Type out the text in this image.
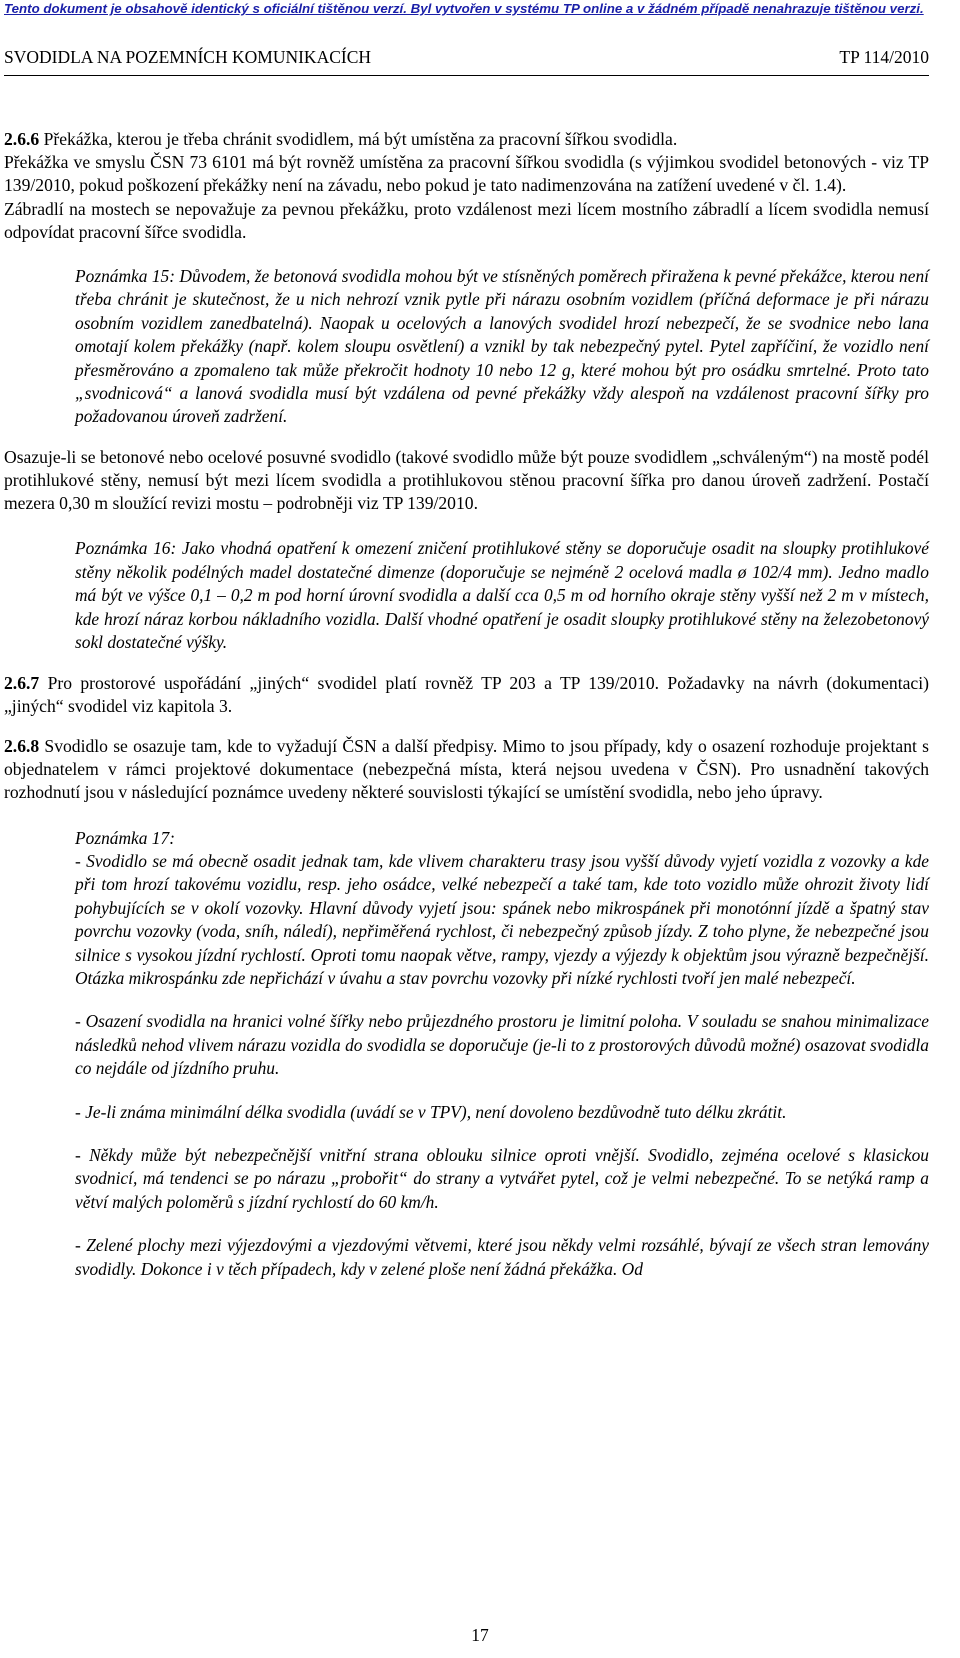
Tento dokument je obsahově identický s oficiální tištěnou verzí. Byl vytvořen v systému TP online a v žádném případě nenahrazuje tištěnou verzi.
SVODIDLA NA POZEMNÍCH KOMUNIKACÍCH	TP 114/2010

2.6.6 Překážka, kterou je třeba chránit svodidlem, má být umístěna za pracovní šířkou svodidla.

Překážka ve smyslu ČSN 73 6101 má být rovněž umístěna za pracovní šířkou svodidla (s výjimkou svodidel betonových - viz TP 139/2010, pokud poškození překážky není na závadu, nebo pokud je tato nadimenzována na zatížení uvedené v čl. 1.4).

Zábradlí na mostech se nepovažuje za pevnou překážku, proto vzdálenost mezi lícem mostního zábradlí a lícem svodidla nemusí odpovídat pracovní šířce svodidla.

Poznámka 15: Důvodem, že betonová svodidla mohou být ve stísněných poměrech přiražena k pevné překážce, kterou není třeba chránit je skutečnost, že u nich nehrozí vznik pytle při nárazu osobním vozidlem (příčná deformace je při nárazu osobním vozidlem zanedbatelná). Naopak u ocelových a lanových svodidel hrozí nebezpečí, že se svodnice nebo lana omotají kolem překážky (např. kolem sloupu osvětlení) a vznikl by tak nebezpečný pytel. Pytel zapříčiní, že vozidlo není přesměrováno a zpomaleno tak může překročit hodnoty 10 nebo 12 g, které mohou být pro osádku smrtelné. Proto tato „svodnicová“ a lanová svodidla musí být vzdálena od pevné překážky vždy alespoň na vzdálenost pracovní šířky pro požadovanou úroveň zadržení.

Osazuje-li se betonové nebo ocelové posuvné svodidlo (takové svodidlo může být pouze svodidlem „schváleným“) na mostě podél protihlukové stěny, nemusí být mezi lícem svodidla a protihlukovou stěnou pracovní šířka pro danou úroveň zadržení. Postačí mezera 0,30 m sloužící revizi mostu – podrobněji viz TP 139/2010.

Poznámka 16: Jako vhodná opatření k omezení zničení protihlukové stěny se doporučuje osadit na sloupky protihlukové stěny několik podélných madel dostatečné dimenze (doporučuje se nejméně 2 ocelová madla ø 102/4 mm). Jedno madlo má být ve výšce 0,1 – 0,2 m pod horní úrovní svodidla a další cca 0,5 m od horního okraje stěny vyšší než 2 m v místech, kde hrozí náraz korbou nákladního vozidla. Další vhodné opatření je osadit sloupky protihlukové stěny na železobetonový sokl dostatečné výšky.

2.6.7 Pro prostorové uspořádání „jiných“ svodidel platí rovněž TP 203 a TP 139/2010. Požadavky na návrh (dokumentaci) „jiných“ svodidel viz kapitola 3.

2.6.8 Svodidlo se osazuje tam, kde to vyžadují ČSN a další předpisy. Mimo to jsou případy, kdy o osazení rozhoduje projektant s objednatelem v rámci projektové dokumentace (nebezpečná místa, která nejsou uvedena v ČSN). Pro usnadnění takových rozhodnutí jsou v následující poznámce uvedeny některé souvislosti týkající se umístění svodidla, nebo jeho úpravy.

Poznámka 17:

- Svodidlo se má obecně osadit jednak tam, kde vlivem charakteru trasy jsou vyšší důvody vyjetí vozidla z vozovky a kde při tom hrozí takovému vozidlu, resp. jeho osádce, velké nebezpečí a také tam, kde toto vozidlo může ohrozit životy lidí pohybujících se v okolí vozovky. Hlavní důvody vyjetí jsou: spánek nebo mikrospánek při monotónní jízdě a špatný stav povrchu vozovky (voda, sníh, náledí), nepřiměřená rychlost, či nebezpečný způsob jízdy. Z toho plyne, že nebezpečné jsou silnice s vysokou jízdní rychlostí. Oproti tomu naopak větve, rampy, vjezdy a výjezdy k objektům jsou výrazně bezpečnější. Otázka mikrospánku zde nepřichází v úvahu a stav povrchu vozovky při nízké rychlosti tvoří jen malé nebezpečí.

- Osazení svodidla na hranici volné šířky nebo průjezdného prostoru je limitní poloha. V souladu se snahou minimalizace následků nehod vlivem nárazu vozidla do svodidla se doporučuje (je-li to z prostorových důvodů možné) osazovat svodidla co nejdále od jízdního pruhu.

- Je-li známa minimální délka svodidla (uvádí se v TPV), není dovoleno bezdůvodně tuto délku zkrátit.

- Někdy může být nebezpečnější vnitřní strana oblouku silnice oproti vnější. Svodidlo, zejména ocelové s klasickou svodnicí, má tendenci se po nárazu „probořit“ do strany a vytvářet pytel, což je velmi nebezpečné. To se netýká ramp a větví malých poloměrů s jízdní rychlostí do 60 km/h.

- Zelené plochy mezi výjezdovými a vjezdovými větvemi, které jsou někdy velmi rozsáhlé, bývají ze všech stran lemovány svodidly. Dokonce i v těch případech, kdy v zelené ploše není žádná překážka. Od

17
